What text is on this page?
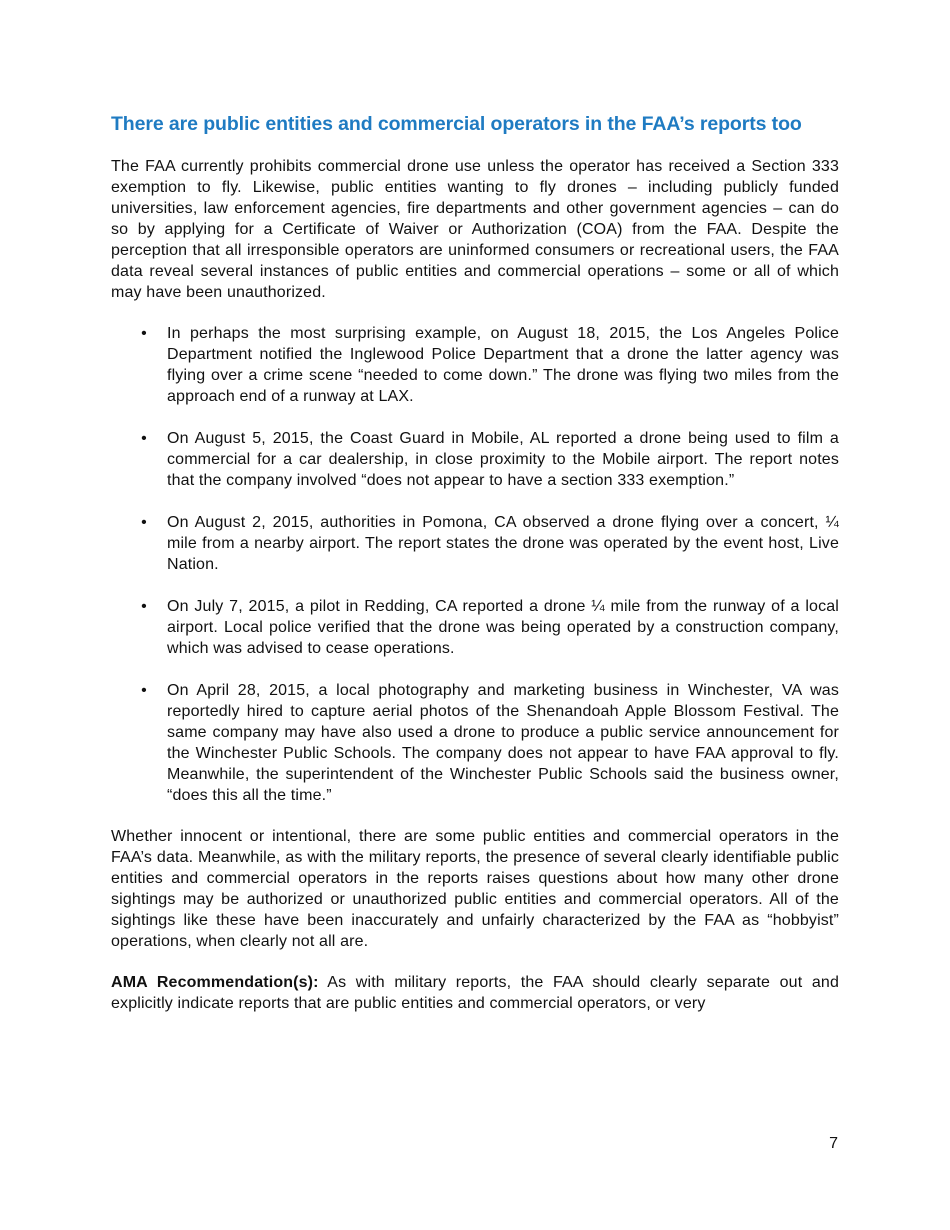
There are public entities and commercial operators in the FAA’s reports too

The FAA currently prohibits commercial drone use unless the operator has received a Section 333 exemption to fly. Likewise, public entities wanting to fly drones – including publicly funded universities, law enforcement agencies, fire departments and other government agencies – can do so by applying for a Certificate of Waiver or Authorization (COA) from the FAA. Despite the perception that all irresponsible operators are uninformed consumers or recreational users, the FAA data reveal several instances of public entities and commercial operations – some or all of which may have been unauthorized.

• In perhaps the most surprising example, on August 18, 2015, the Los Angeles Police Department notified the Inglewood Police Department that a drone the latter agency was flying over a crime scene “needed to come down.” The drone was flying two miles from the approach end of a runway at LAX.
• On August 5, 2015, the Coast Guard in Mobile, AL reported a drone being used to film a commercial for a car dealership, in close proximity to the Mobile airport. The report notes that the company involved “does not appear to have a section 333 exemption.”
• On August 2, 2015, authorities in Pomona, CA observed a drone flying over a concert, ¼ mile from a nearby airport. The report states the drone was operated by the event host, Live Nation.
• On July 7, 2015, a pilot in Redding, CA reported a drone ¼ mile from the runway of a local airport. Local police verified that the drone was being operated by a construction company, which was advised to cease operations.
• On April 28, 2015, a local photography and marketing business in Winchester, VA was reportedly hired to capture aerial photos of the Shenandoah Apple Blossom Festival. The same company may have also used a drone to produce a public service announcement for the Winchester Public Schools. The company does not appear to have FAA approval to fly. Meanwhile, the superintendent of the Winchester Public Schools said the business owner, “does this all the time.”

Whether innocent or intentional, there are some public entities and commercial operators in the FAA’s data. Meanwhile, as with the military reports, the presence of several clearly identifiable public entities and commercial operators in the reports raises questions about how many other drone sightings may be authorized or unauthorized public entities and commercial operators. All of the sightings like these have been inaccurately and unfairly characterized by the FAA as “hobbyist” operations, when clearly not all are.

AMA Recommendation(s): As with military reports, the FAA should clearly separate out and explicitly indicate reports that are public entities and commercial operators, or very

7
